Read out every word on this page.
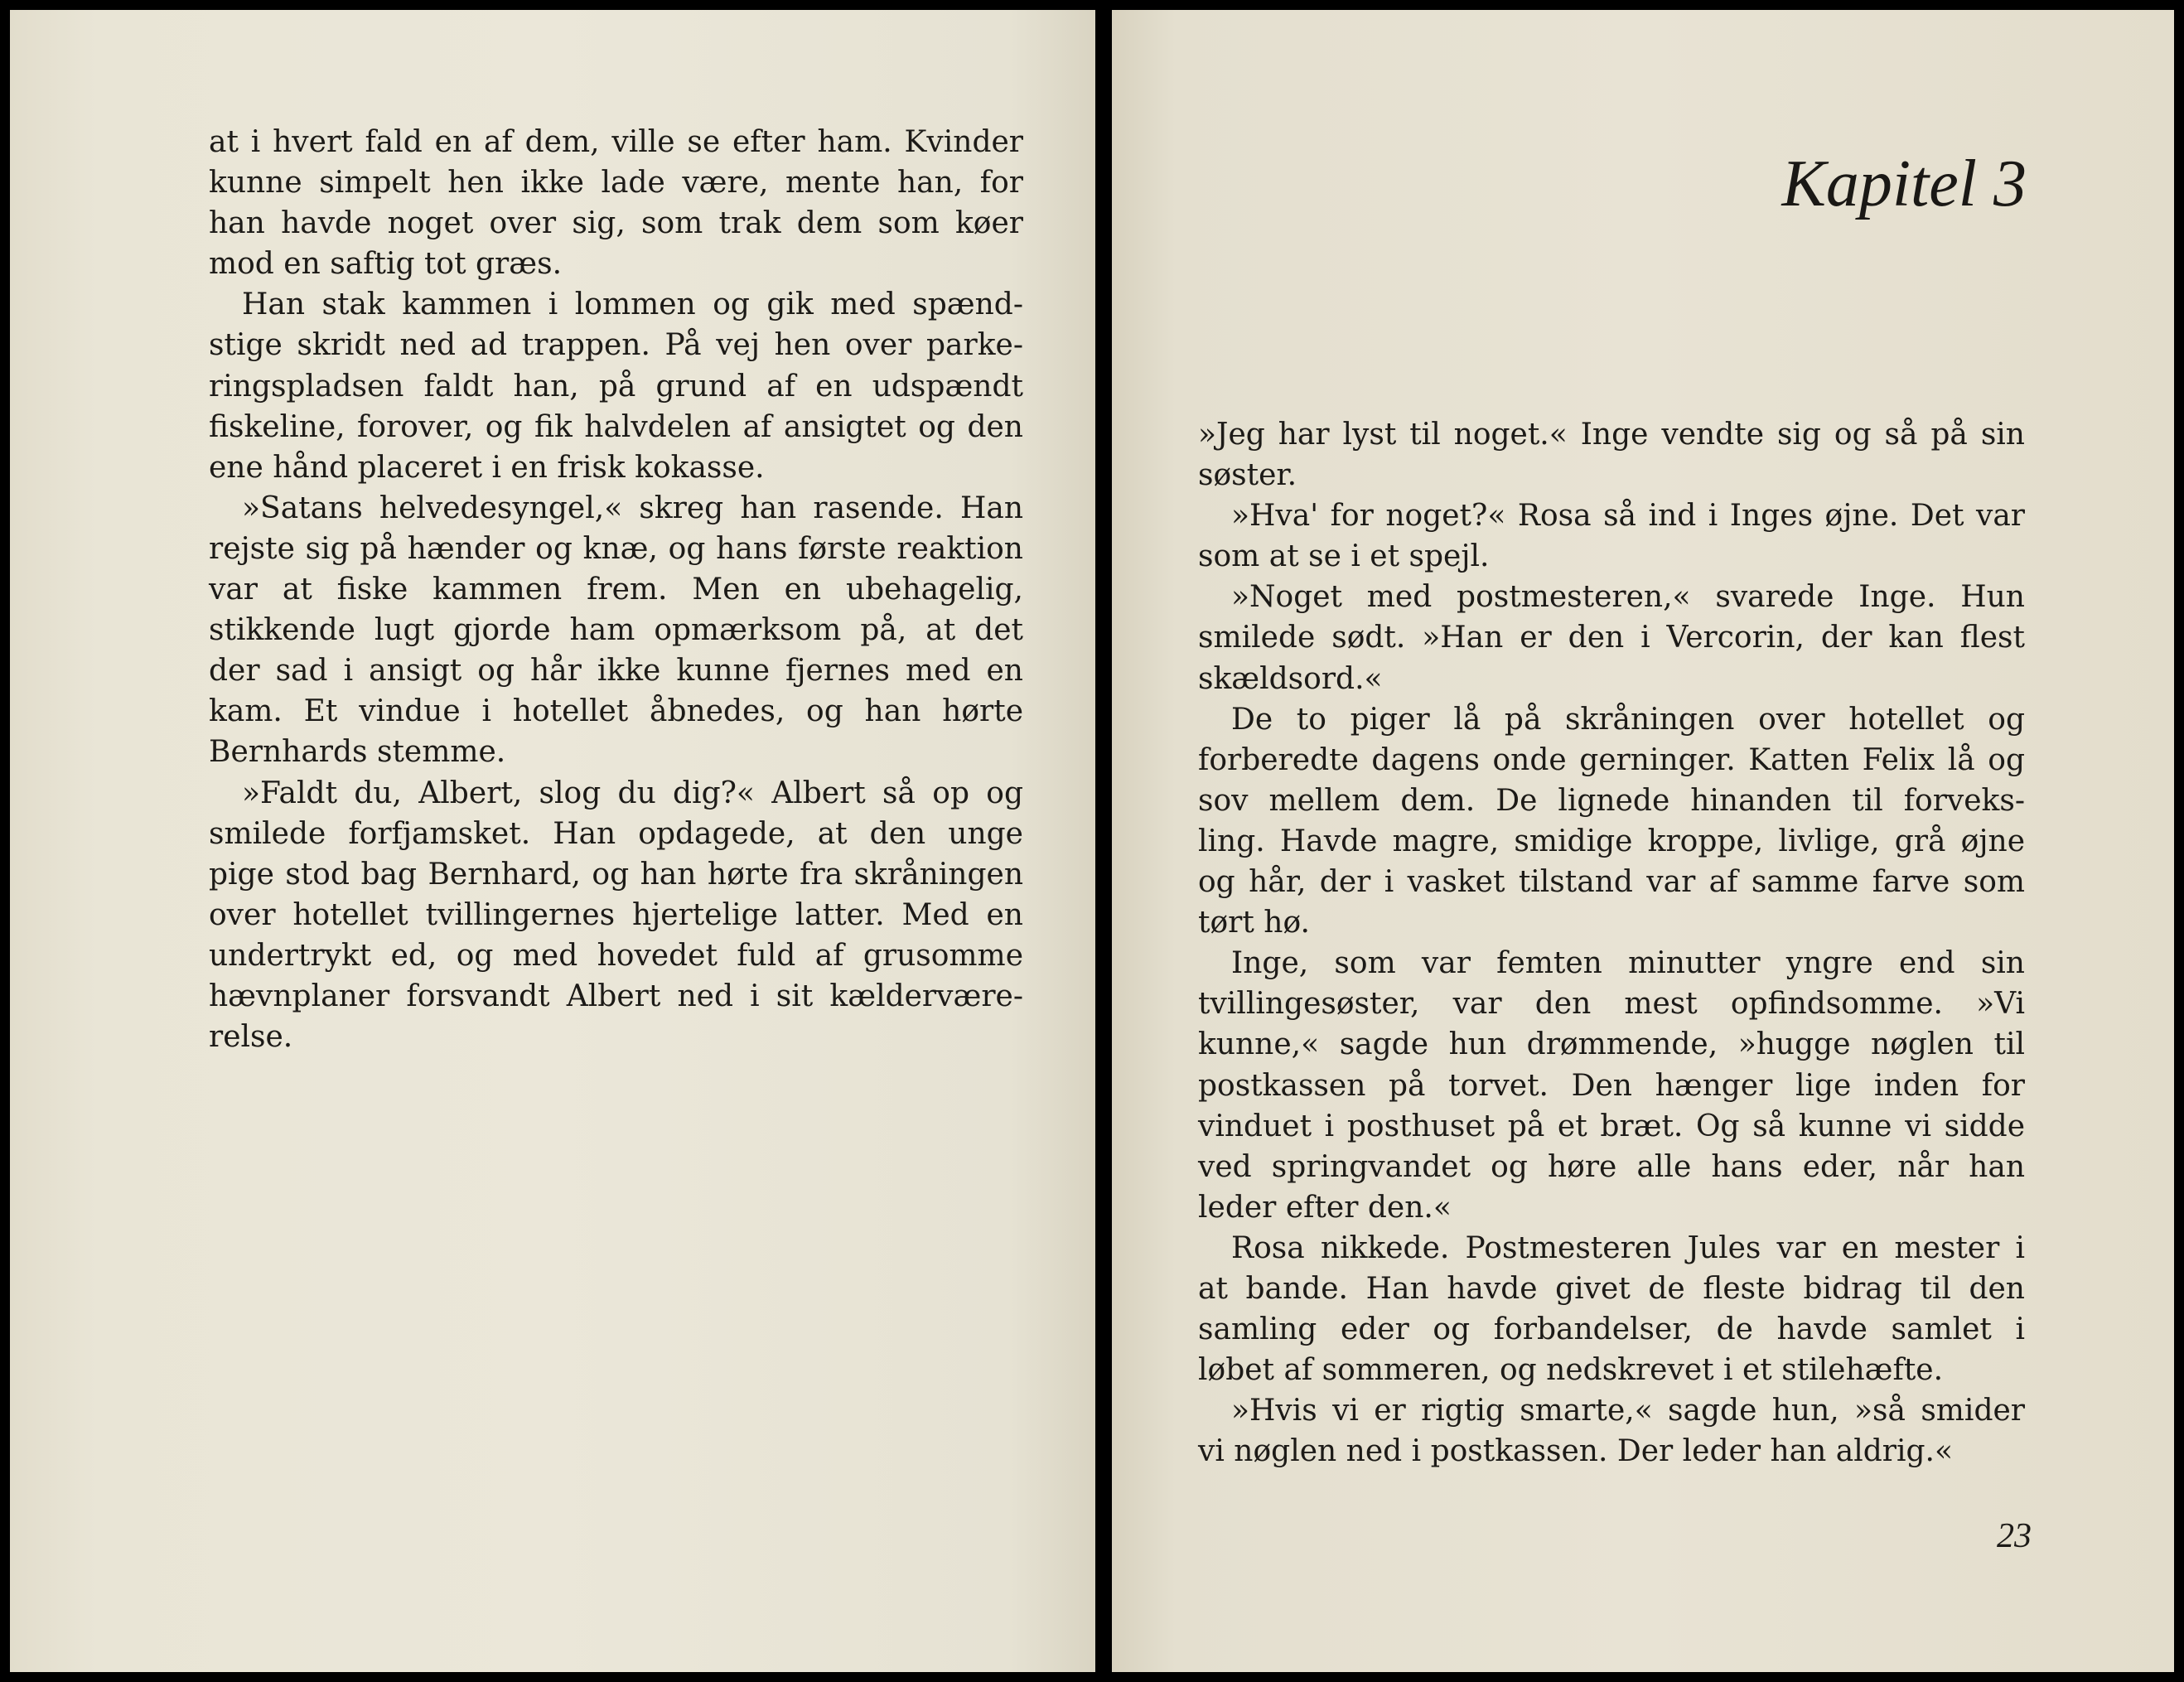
at i hvert fald en af dem, ville se efter ham. Kvinder
kunne simpelt hen ikke lade være, mente han, for
han havde noget over sig, som trak dem som køer
mod en saftig tot græs.
Han stak kammen i lommen og gik med spænd-
stige skridt ned ad trappen. På vej hen over parke-
ringspladsen faldt han, på grund af en udspændt
fiskeline, forover, og fik halvdelen af ansigtet og den
ene hånd placeret i en frisk kokasse.
»Satans helvedesyngel,« skreg han rasende. Han
rejste sig på hænder og knæ, og hans første reaktion
var at fiske kammen frem. Men en ubehagelig,
stikkende lugt gjorde ham opmærksom på, at det
der sad i ansigt og hår ikke kunne fjernes med en
kam. Et vindue i hotellet åbnedes, og han hørte
Bernhards stemme.
»Faldt du, Albert, slog du dig?« Albert så op og
smilede forfjamsket. Han opdagede, at den unge
pige stod bag Bernhard, og han hørte fra skråningen
over hotellet tvillingernes hjertelige latter. Med en
undertrykt ed, og med hovedet fuld af grusomme
hævnplaner forsvandt Albert ned i sit kældervære-
relse.
Kapitel 3
»Jeg har lyst til noget.« Inge vendte sig og så på sin
søster.
»Hva' for noget?« Rosa så ind i Inges øjne. Det var
som at se i et spejl.
»Noget med postmesteren,« svarede Inge. Hun
smilede sødt. »Han er den i Vercorin, der kan flest
skældsord.«
De to piger lå på skråningen over hotellet og
forberedte dagens onde gerninger. Katten Felix lå og
sov mellem dem. De lignede hinanden til forveks-
ling. Havde magre, smidige kroppe, livlige, grå øjne
og hår, der i vasket tilstand var af samme farve som
tørt hø.
Inge, som var femten minutter yngre end sin
tvillingesøster, var den mest opfindsomme. »Vi
kunne,« sagde hun drømmende, »hugge nøglen til
postkassen på torvet. Den hænger lige inden for
vinduet i posthuset på et bræt. Og så kunne vi sidde
ved springvandet og høre alle hans eder, når han
leder efter den.«
Rosa nikkede. Postmesteren Jules var en mester i
at bande. Han havde givet de fleste bidrag til den
samling eder og forbandelser, de havde samlet i
løbet af sommeren, og nedskrevet i et stilehæfte.
»Hvis vi er rigtig smarte,« sagde hun, »så smider
vi nøglen ned i postkassen. Der leder han aldrig.«
23
